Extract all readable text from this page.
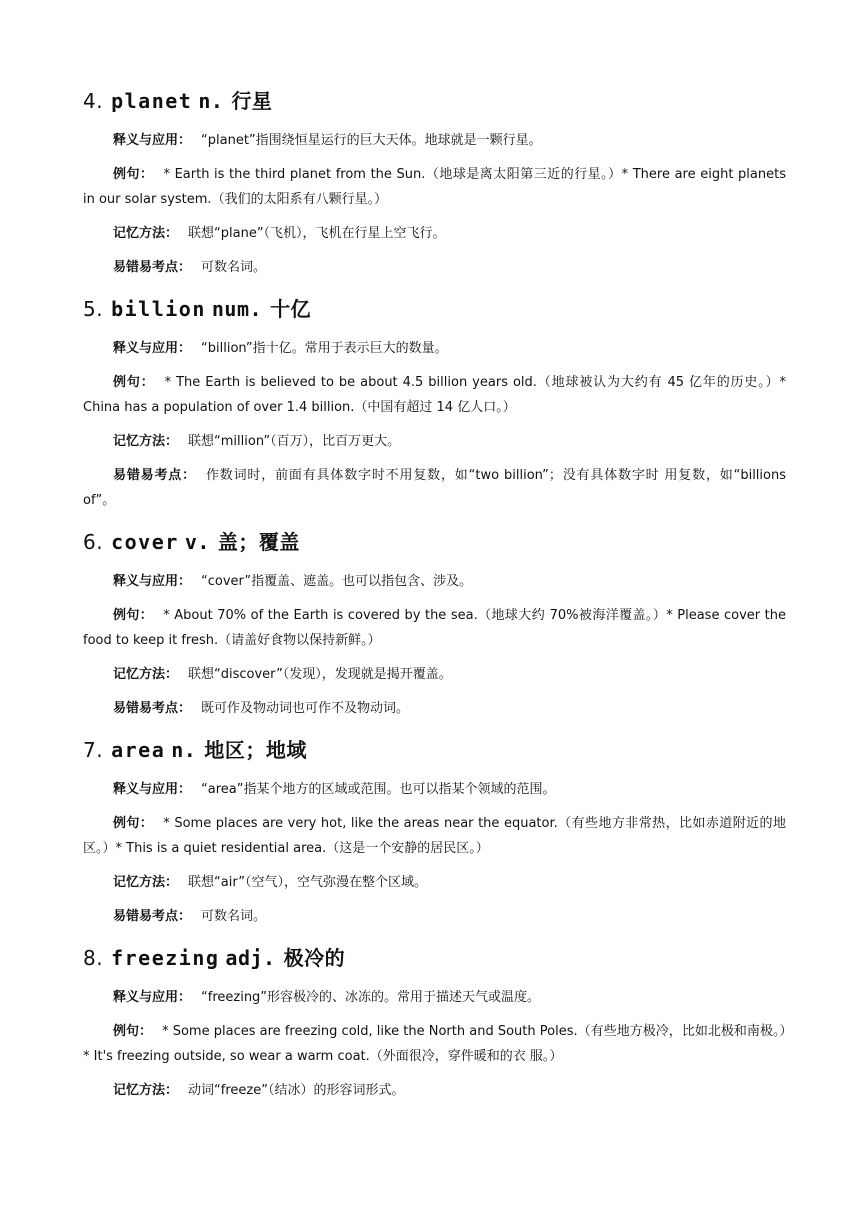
4. planet n. 行星

释义与应用： “planet”指围绕恒星运行的巨大天体。地球就是一颗行星。

例句： * Earth is the third planet from the Sun.（地球是离太阳第三近的行星。）* There are eight planets in our solar system.（我们的太阳系有八颗行星。）

记忆方法： 联想“plane”（飞机），飞机在行星上空飞行。

易错易考点： 可数名词。

5. billion num. 十亿

释义与应用： “billion”指十亿。常用于表示巨大的数量。

例句： * The Earth is believed to be about 4.5 billion years old.（地球被认为大约有 45 亿年的历史。）* China has a population of over 1.4 billion.（中国有超过 14 亿人口。）

记忆方法： 联想“million”（百万），比百万更大。

易错易考点： 作数词时，前面有具体数字时不用复数，如“two billion”；没有具体数字时 用复数，如“billions of”。

6. cover v. 盖；覆盖

释义与应用： “cover”指覆盖、遮盖。也可以指包含、涉及。

例句： * About 70% of the Earth is covered by the sea.（地球大约 70%被海洋覆盖。）* Please cover the food to keep it fresh.（请盖好食物以保持新鲜。）

记忆方法： 联想“discover”（发现），发现就是揭开覆盖。

易错易考点： 既可作及物动词也可作不及物动词。

7. area n. 地区；地域

释义与应用： “area”指某个地方的区域或范围。也可以指某个领域的范围。

例句： * Some places are very hot, like the areas near the equator.（有些地方非常热，比如赤道附近的地区。）* This is a quiet residential area.（这是一个安静的居民区。）

记忆方法： 联想“air”（空气），空气弥漫在整个区域。

易错易考点： 可数名词。

8. freezing adj. 极冷的

释义与应用： “freezing”形容极冷的、冰冻的。常用于描述天气或温度。

例句： * Some places are freezing cold, like the North and South Poles.（有些地方极冷，比如北极和南极。）* It's freezing outside, so wear a warm coat.（外面很冷，穿件暖和的衣 服。）

记忆方法： 动词“freeze”（结冰）的形容词形式。
